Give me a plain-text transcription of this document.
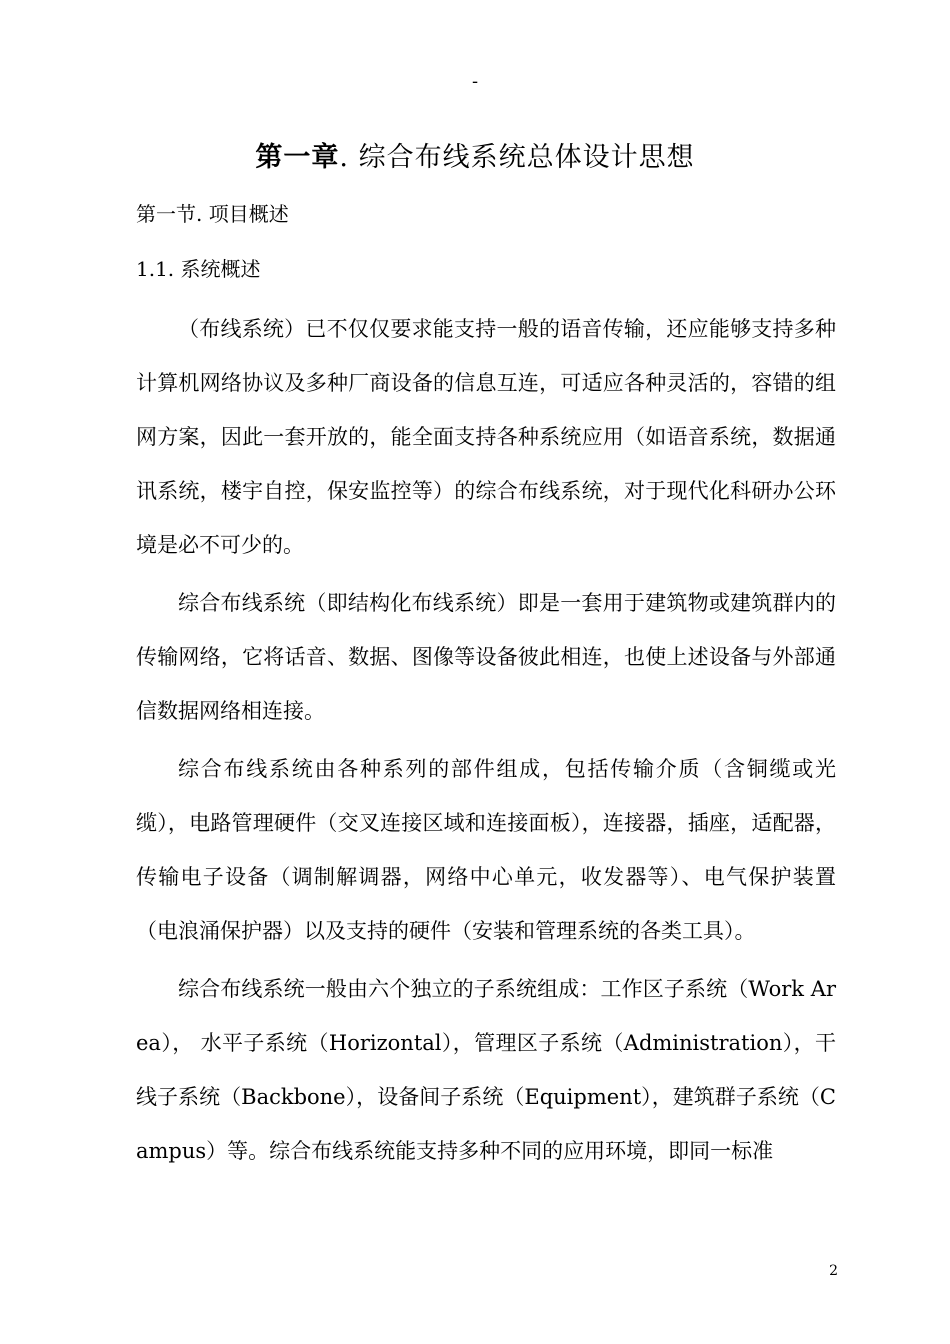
-
第一章. 综合布线系统总体设计思想
第一节. 项目概述
1.1. 系统概述

（布线系统）已不仅仅要求能支持一般的语音传输，还应能够支持多种计算机网络协议及多种厂商设备的信息互连，可适应各种灵活的，容错的组网方案，因此一套开放的，能全面支持各种系统应用（如语音系统，数据通讯系统，楼宇自控，保安监控等）的综合布线系统，对于现代化科研办公环境是必不可少的。

综合布线系统（即结构化布线系统）即是一套用于建筑物或建筑群内的传输网络，它将话音、数据、图像等设备彼此相连，也使上述设备与外部通信数据网络相连接。

综合布线系统由各种系列的部件组成，包括传输介质（含铜缆或光缆），电路管理硬件（交叉连接区域和连接面板），连接器，插座，适配器，传输电子设备（调制解调器，网络中心单元，收发器等）、电气保护装置（电浪涌保护器）以及支持的硬件（安装和管理系统的各类工具）。

综合布线系统一般由六个独立的子系统组成：工作区子系统（Work Area）， 水平子系统（Horizontal），管理区子系统（Administration），干线子系统（Backbone），设备间子系统（Equipment），建筑群子系统（Campus）等。综合布线系统能支持多种不同的应用环境，即同一标准

2
